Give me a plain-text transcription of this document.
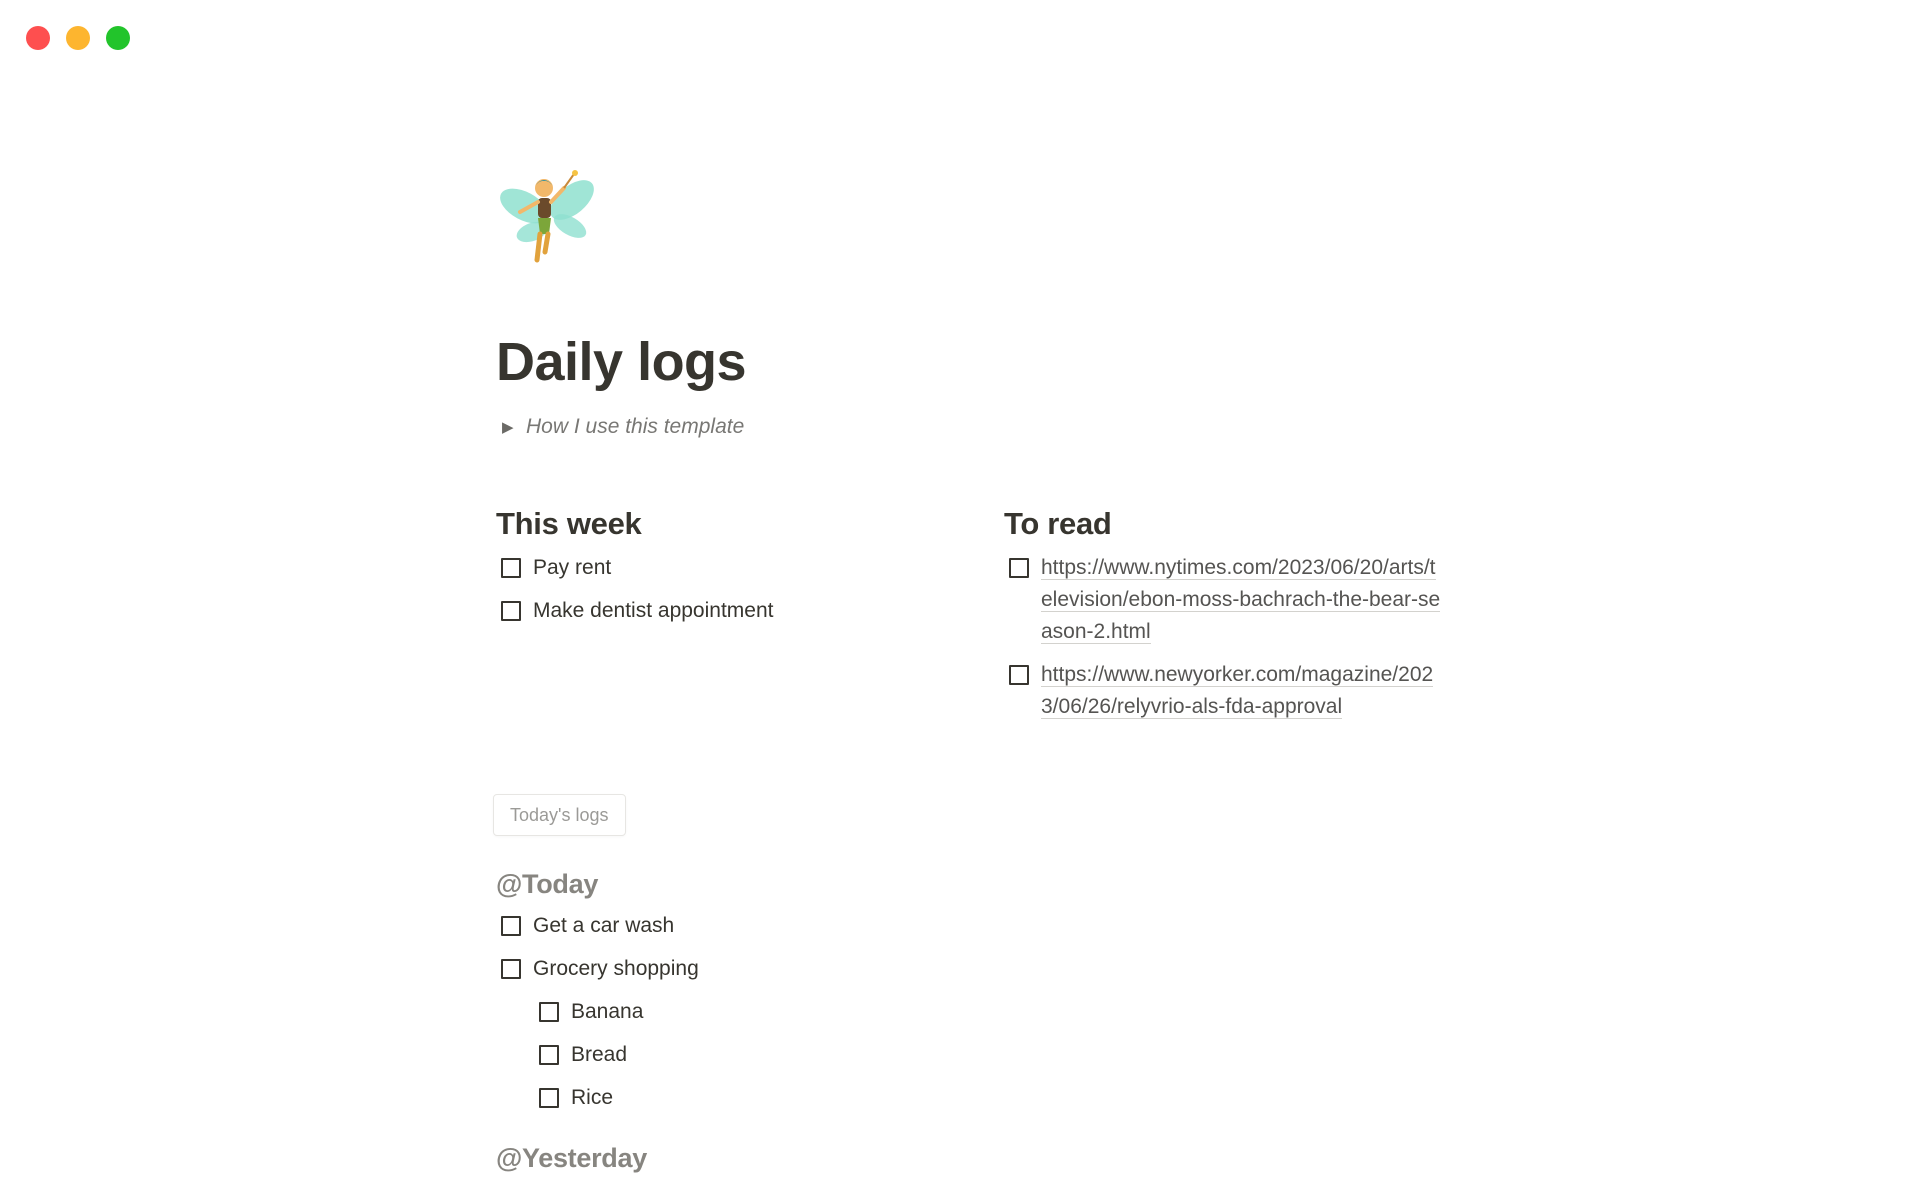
Daily logs
▶ How I use this template
This week
Pay rent
Make dentist appointment
To read
https://www.nytimes.com/2023/06/20/arts/television/ebon-moss-bachrach-the-bear-season-2.html
https://www.newyorker.com/magazine/2023/06/26/relyvrio-als-fda-approval
Today's logs
@Today
Get a car wash
Grocery shopping
Banana
Bread
Rice
@Yesterday
